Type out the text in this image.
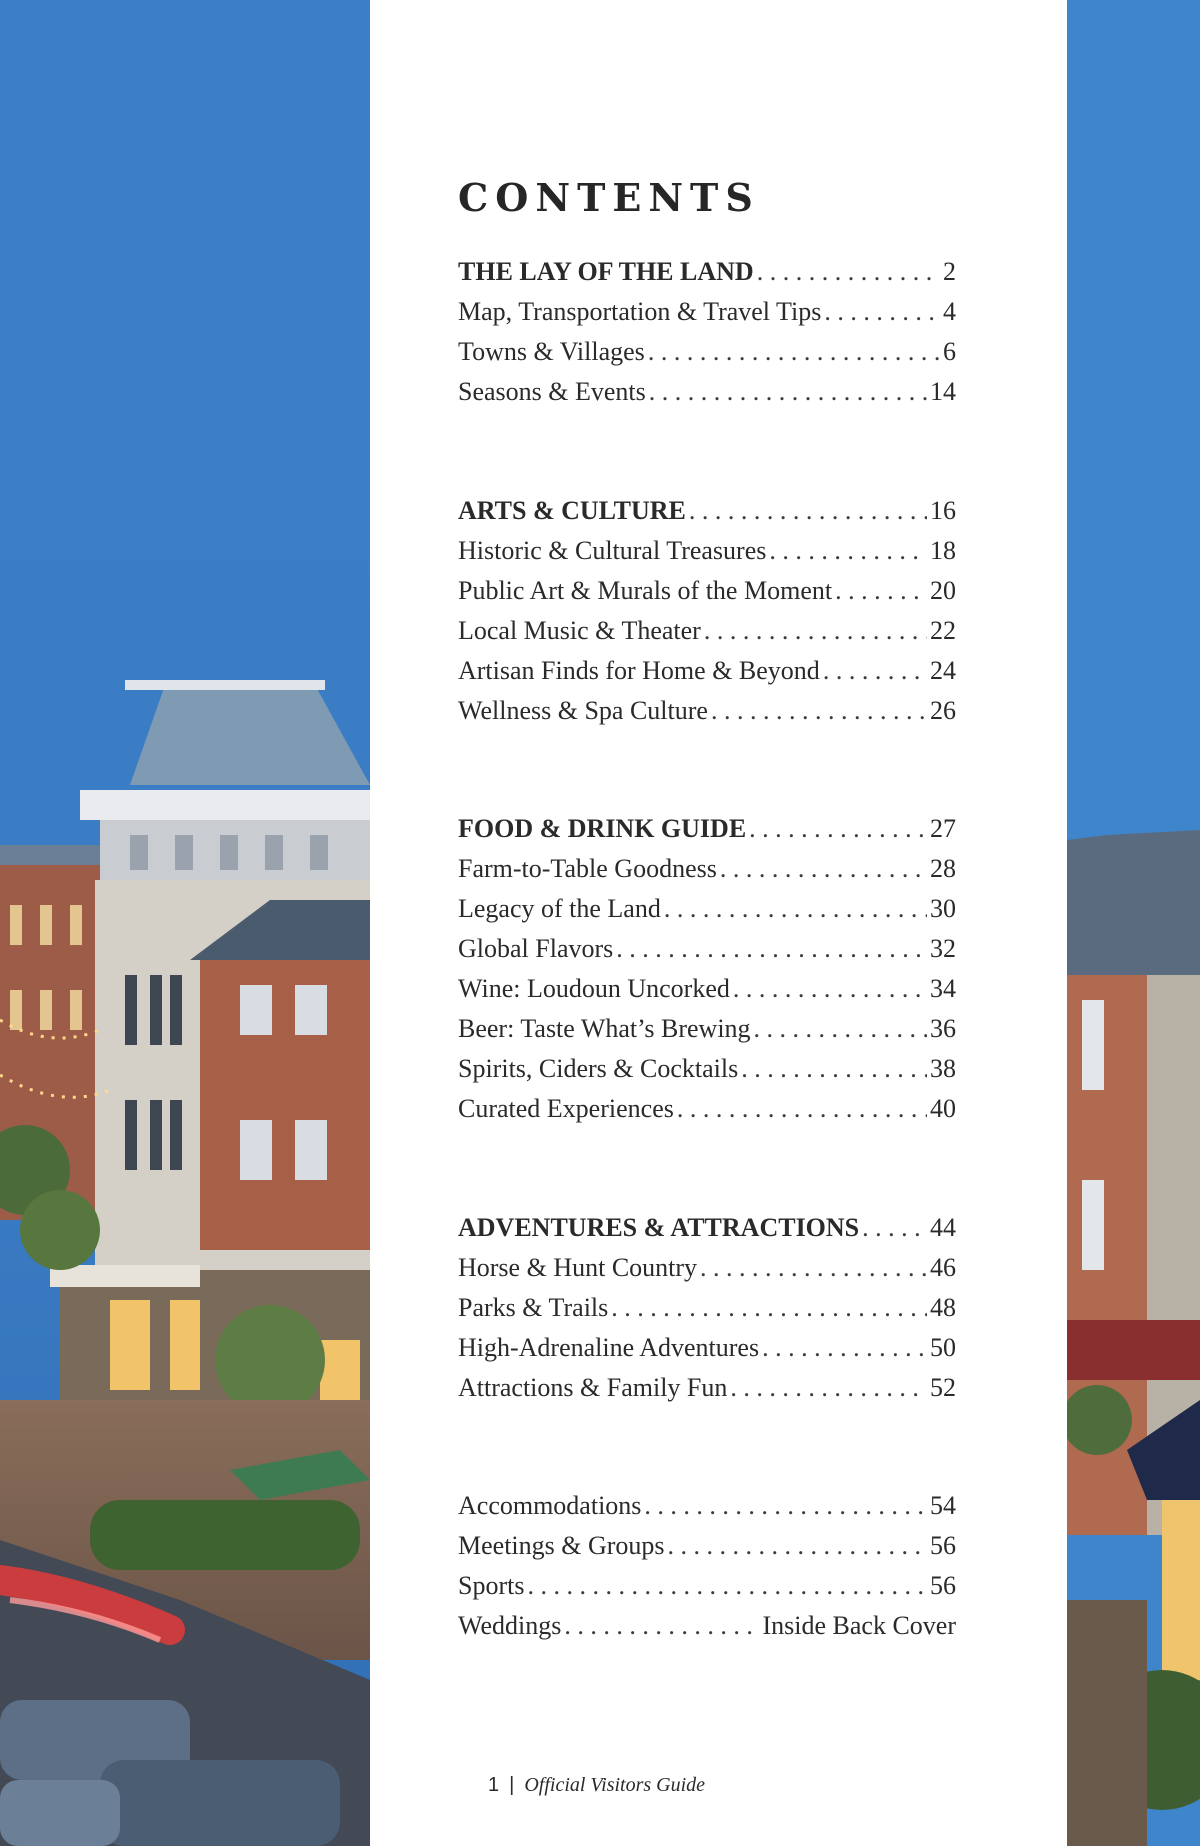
CONTENTS
THE LAY OF THE LAND . . .	2
Map, Transportation & Travel Tips . . .	4
Towns & Villages . . .	6
Seasons & Events . . .	14
ARTS & CULTURE . . .	16
Historic & Cultural Treasures . . .	18
Public Art & Murals of the Moment . . .	20
Local Music & Theater . . .	22
Artisan Finds for Home & Beyond . . .	24
Wellness & Spa Culture . . .	26
FOOD & DRINK GUIDE . . .	27
Farm-to-Table Goodness . . .	28
Legacy of the Land . . .	30
Global Flavors . . .	32
Wine: Loudoun Uncorked . . .	34
Beer: Taste What’s Brewing . . .	36
Spirits, Ciders & Cocktails . . .	38
Curated Experiences . . .	40
ADVENTURES & ATTRACTIONS . . .	44
Horse & Hunt Country . . .	46
Parks & Trails . . .	48
High-Adrenaline Adventures . . .	50
Attractions & Family Fun . . .	52
Accommodations . . .	54
Meetings & Groups . . .	56
Sports . . .	56
Weddings . . .	Inside Back Cover
1 | Official Visitors Guide
